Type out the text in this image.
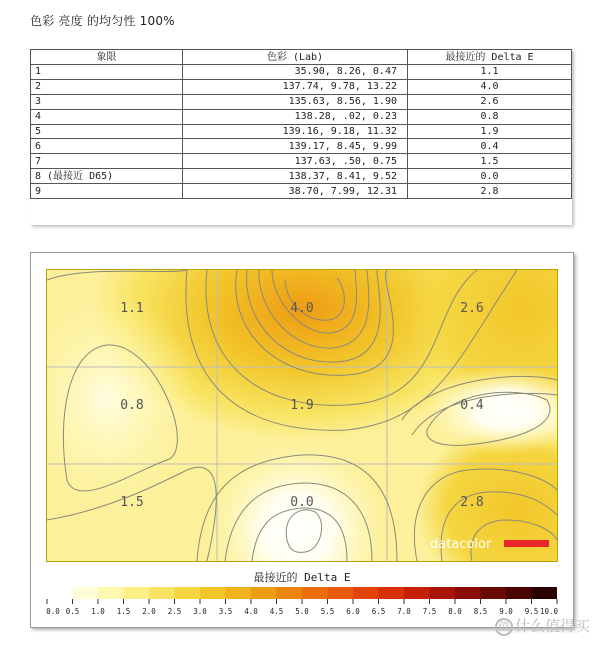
色彩 亮度 的均匀性 100%
象限	色彩 (Lab)	最接近的 Delta E
1	35.90, 8.26, 0.47	1.1
2	137.74, 9.78, 13.22	4.0
3	135.63, 8.56, 1.90	2.6
4	138.28, .02, 0.23	0.8
5	139.16, 9.18, 11.32	1.9
6	139.17, 8.45, 9.99	0.4
7	137.63, .50, 0.75	1.5
8 (最接近 D65)	138.37, 8.41, 9.52	0.0
9	38.70, 7.99, 12.31	2.8
1.1	4.0	2.6
0.8	1.9	0.4
1.5	0.0	2.8
datacolor
最接近的 Delta E
0.0 0.5 1.0 1.5 2.0 2.5 3.0 3.5 4.0 4.5 5.0 5.5 6.0 6.5 7.0 7.5 8.0 8.5 9.0 9.5 10.0
值 什么值得买
